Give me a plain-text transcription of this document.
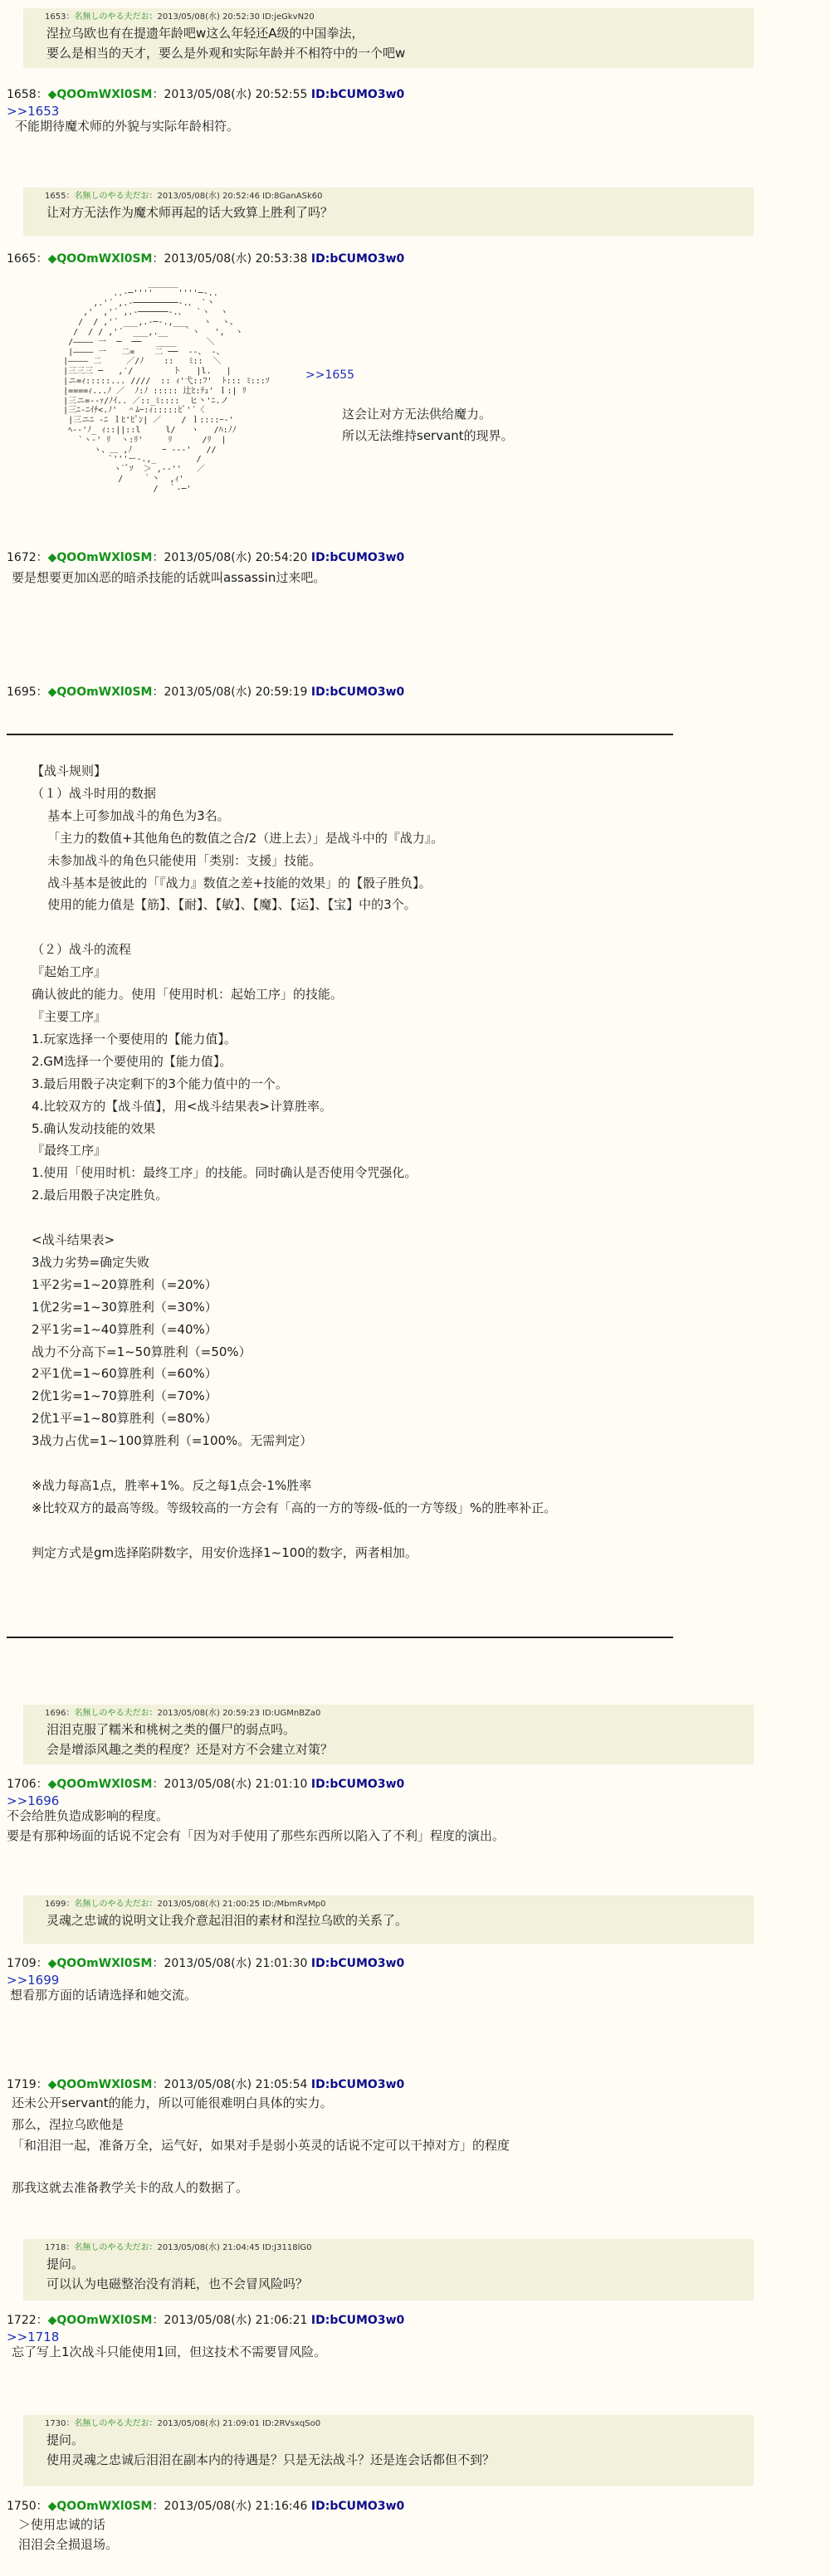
1653：名無しのやる夫だお：2013/05/08(水) 20:52:30 ID:jeGkvN20
涅拉乌欧也有在提遗年龄吧w这么年轻还A级的中国拳法，
要么是相当的天才，要么是外观和实际年龄并不相符中的一个吧w
1658：◆QOOmWXl0SM：2013/05/08(水) 20:52:55 ID:bCUMO3w0
>>1653
不能期待魔术师的外貌与实际年龄相符。
1655：名無しのやる夫だお：2013/05/08(水) 20:52:46 ID:8GanASk60
让对方无法作为魔术师再起的话大致算上胜利了吗？
1665：◆QOOmWXl0SM：2013/05/08(水) 20:53:38 ID:bCUMO3w0
______
..-─''''     ''''─-..
,.'´ ,.-─────────-.、 `丶
,'  ,'´ ,.-──────-.、  `ヽ  ヽ
/  / ,'´ ___,.-─-.,___   ヽ  ヽ、
/  / / ,'´  ___,.__   ｀ヽ   ',  ヽ
/———— 一  ─  ──   ____      ＼
|———— 一   二=    二 ──  ‐-、 ‐、
|———— 二     ／/ﾉ    ::   ﾐ::  ＼
|三三三 ─   ,′/        ト   |l.   |
|ニ=ｨ:::::... ////  :: ｨ'弋::ﾌ'  ﾄ::: ﾐ:::ｿ
|====ｨ...ﾉ ／  ﾉ:ﾉ ::::: 辻ﾋ:ﾃｭ' ｌ:| ﾘ
|三ニ=-‐ｧ/ﾉｲ.. ／::_ﾐ::::  ヒ丶'ﾆ.ノ
|三ﾆ-ﾆｲﾁ<.ﾉ'  ＾ﾑｰ:ｨ:::::ﾋﾞ'´〈
|三ニﾆ -ﾆ ｌﾋ'ﾋﾟﾝ| ／    / ｌ::::ｰ-'
ﾍ-‐'ﾉ_ ｨ::||::l     l/   ヽ   /ﾊ:ﾉﾉ
`ヽ-' ﾘ  ヽ:ﾘ'     ﾘ      /ﾘ  |
ヽ、＿ ,ﾉ      ｰ -‐-'   //
`'''ー-.,_        /
ヽ`ﾞｿ  ＞ ,-‐''   ／
/    ｀丶  ,ｨ'
/  ｀-─'
>>1655
这会让对方无法供给魔力。
所以无法维持servant的现界。
1672：◆QOOmWXl0SM：2013/05/08(水) 20:54:20 ID:bCUMO3w0
要是想要更加凶恶的暗杀技能的话就叫assassin过来吧。
1695：◆QOOmWXl0SM：2013/05/08(水) 20:59:19 ID:bCUMO3w0
【战斗规则】
（１）战斗时用的数据
基本上可参加战斗的角色为3名。
「主力的数值+其他角色的数值之合/2（进上去）」是战斗中的『战力』。
未参加战斗的角色只能使用「类别：支援」技能。
战斗基本是彼此的「『战力』数值之差+技能的效果」的【骰子胜负】。
使用的能力值是【筋】、【耐】、【敏】、【魔】、【运】、【宝】中的3个。

（２）战斗的流程
『起始工序』
确认彼此的能力。使用「使用时机：起始工序」的技能。
『主要工序』
1.玩家选择一个要使用的【能力值】。
2.GM选择一个要使用的【能力值】。
3.最后用骰子决定剩下的3个能力值中的一个。
4.比较双方的【战斗值】，用<战斗结果表>计算胜率。
5.确认发动技能的效果
『最终工序』
1.使用「使用时机：最终工序」的技能。同时确认是否使用令咒强化。
2.最后用骰子决定胜负。

<战斗结果表>
3战力劣势=确定失败
1平2劣=1~20算胜利（=20%）
1优2劣=1~30算胜利（=30%）
2平1劣=1~40算胜利（=40%）
战力不分高下=1~50算胜利（=50%）
2平1优=1~60算胜利（=60%）
2优1劣=1~70算胜利（=70%）
2优1平=1~80算胜利（=80%）
3战力占优=1~100算胜利（=100%。无需判定）

※战力每高1点，胜率+1%。反之每1点会-1%胜率
※比较双方的最高等级。等级较高的一方会有「高的一方的等级-低的一方等级」%的胜率补正。

判定方式是gm选择陷阱数字，用安价选择1~100的数字，两者相加。
1696：名無しのやる夫だお：2013/05/08(水) 20:59:23 ID:UGMnBZa0
泪泪克服了糯米和桃树之类的僵尸的弱点吗。
会是增添风趣之类的程度？还是对方不会建立对策？
1706：◆QOOmWXl0SM：2013/05/08(水) 21:01:10 ID:bCUMO3w0
>>1696
不会给胜负造成影响的程度。
要是有那种场面的话说不定会有「因为对手使用了那些东西所以陷入了不利」程度的演出。
1699：名無しのやる夫だお：2013/05/08(水) 21:00:25 ID:/MbmRvMp0
灵魂之忠诚的说明文让我介意起泪泪的素材和涅拉乌欧的关系了。
1709：◆QOOmWXl0SM：2013/05/08(水) 21:01:30 ID:bCUMO3w0
>>1699
想看那方面的话请选择和她交流。
1719：◆QOOmWXl0SM：2013/05/08(水) 21:05:54 ID:bCUMO3w0
还未公开servant的能力，所以可能很难明白具体的实力。
那么，涅拉乌欧他是
「和泪泪一起，准备万全，运气好，如果对手是弱小英灵的话说不定可以干掉对方」的程度

那我这就去准备教学关卡的敌人的数据了。
1718：名無しのやる夫だお：2013/05/08(水) 21:04:45 ID:J3118lG0
提问。
可以认为电磁整治没有消耗，也不会冒风险吗？
1722：◆QOOmWXl0SM：2013/05/08(水) 21:06:21 ID:bCUMO3w0
>>1718
忘了写上1次战斗只能使用1回，但这技术不需要冒风险。
1730：名無しのやる夫だお：2013/05/08(水) 21:09:01 ID:2RVsxqSo0
提问。
使用灵魂之忠诚后泪泪在副本内的待遇是？只是无法战斗？还是连会话都但不到？
1750：◆QOOmWXl0SM：2013/05/08(水) 21:16:46 ID:bCUMO3w0
＞使用忠诚的话
泪泪会全损退场。
